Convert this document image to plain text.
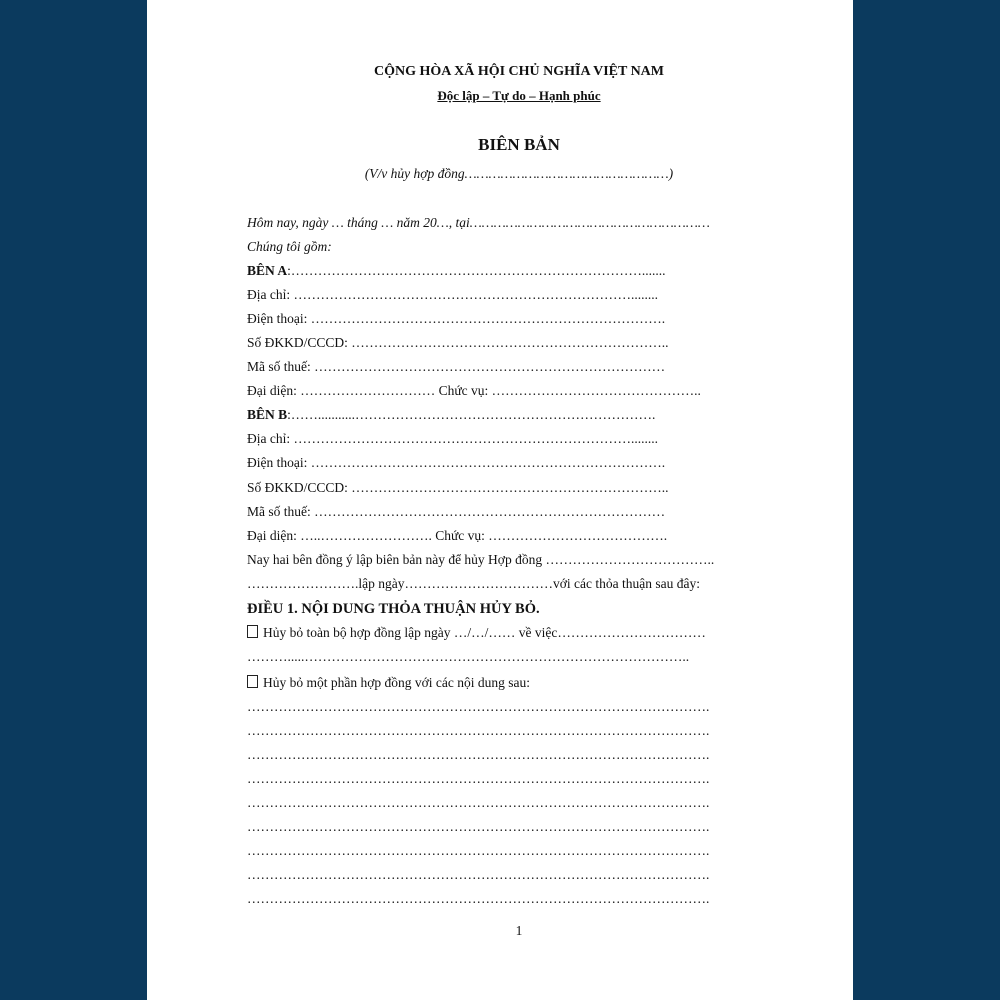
CỘNG HÒA XÃ HỘI CHỦ NGHĨA VIỆT NAM
Độc lập – Tự do – Hạnh phúc
BIÊN BẢN
(V/v hủy hợp đồng……………………………………………)
Hôm nay, ngày … tháng … năm 20…, tại……………………………………………………
Chúng tôi gồm:
BÊN A:…………………………………………………………………….......
Địa chỉ: …………………………………………………………………........
Điện thoại: …………………………………………………………………….
Số ĐKKD/CCCD: ……………………………………………………………..
Mã số thuế: ……………………………………………………………………
Đại diện: ………………………… Chức vụ: ………………………………………..
BÊN B:……...........………………………………………………………….
Địa chỉ: …………………………………………………………………........
Điện thoại: …………………………………………………………………….
Số ĐKKD/CCCD: ……………………………………………………………..
Mã số thuế: ……………………………………………………………………
Đại diện: …..……………………. Chức vụ: ………………………………….
Nay hai bên đồng ý lập biên bản này để hủy Hợp đồng ………………………………..
…………………….lập ngày……………………………với các thỏa thuận sau đây:
ĐIỀU 1. NỘI DUNG THỎA THUẬN HỦY BỎ.
Hủy bỏ toàn bộ hợp đồng lập ngày …/…/…… về việc……………………………
……….....…………………………………………………………………………..
Hủy bỏ một phần hợp đồng với các nội dung sau:
………………………………………………………………………………………….
………………………………………………………………………………………….
………………………………………………………………………………………….
………………………………………………………………………………………….
………………………………………………………………………………………….
………………………………………………………………………………………….
………………………………………………………………………………………….
………………………………………………………………………………………….
………………………………………………………………………………………….
1
